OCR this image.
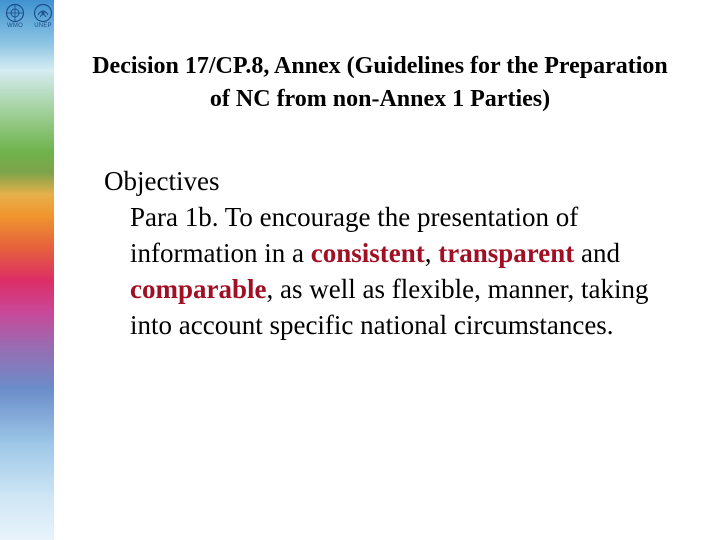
WMO UNEP
Decision 17/CP.8, Annex (Guidelines for the Preparation of NC from non-Annex 1 Parties)
Objectives
Para 1b. To encourage the presentation of information in a consistent, transparent and comparable, as well as flexible, manner, taking into account specific national circumstances.
